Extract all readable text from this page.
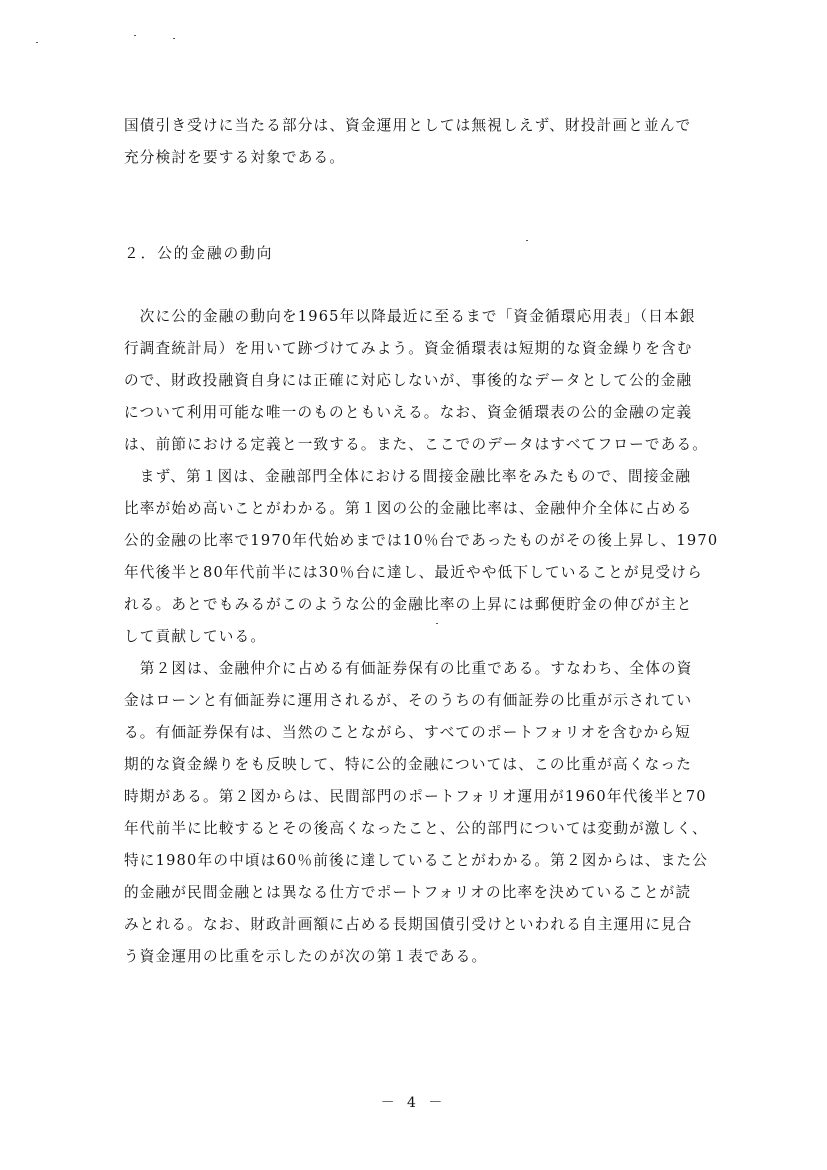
国債引き受けに当たる部分は、資金運用としては無視しえず、財投計画と並んで
充分検討を要する対象である。
２．公的金融の動向
　次に公的金融の動向を1965年以降最近に至るまで「資金循環応用表」（日本銀
行調査統計局）を用いて跡づけてみよう。資金循環表は短期的な資金繰りを含む
ので、財政投融資自身には正確に対応しないが、事後的なデータとして公的金融
について利用可能な唯一のものともいえる。なお、資金循環表の公的金融の定義
は、前節における定義と一致する。また、ここでのデータはすべてフローである。
　まず、第１図は、金融部門全体における間接金融比率をみたもので、間接金融
比率が始め高いことがわかる。第１図の公的金融比率は、金融仲介全体に占める
公的金融の比率で1970年代始めまでは10％台であったものがその後上昇し、1970
年代後半と80年代前半には30％台に達し、最近やや低下していることが見受けら
れる。あとでもみるがこのような公的金融比率の上昇には郵便貯金の伸びが主と
して貢献している。
　第２図は、金融仲介に占める有価証券保有の比重である。すなわち、全体の資
金はローンと有価証券に運用されるが、そのうちの有価証券の比重が示されてい
る。有価証券保有は、当然のことながら、すべてのポートフォリオを含むから短
期的な資金繰りをも反映して、特に公的金融については、この比重が高くなった
時期がある。第２図からは、民間部門のポートフォリオ運用が1960年代後半と70
年代前半に比較するとその後高くなったこと、公的部門については変動が激しく、
特に1980年の中頃は60％前後に達していることがわかる。第２図からは、また公
的金融が民間金融とは異なる仕方でポートフォリオの比率を決めていることが読
みとれる。なお、財政計画額に占める長期国債引受けといわれる自主運用に見合
う資金運用の比重を示したのが次の第１表である。
－ 4 －
